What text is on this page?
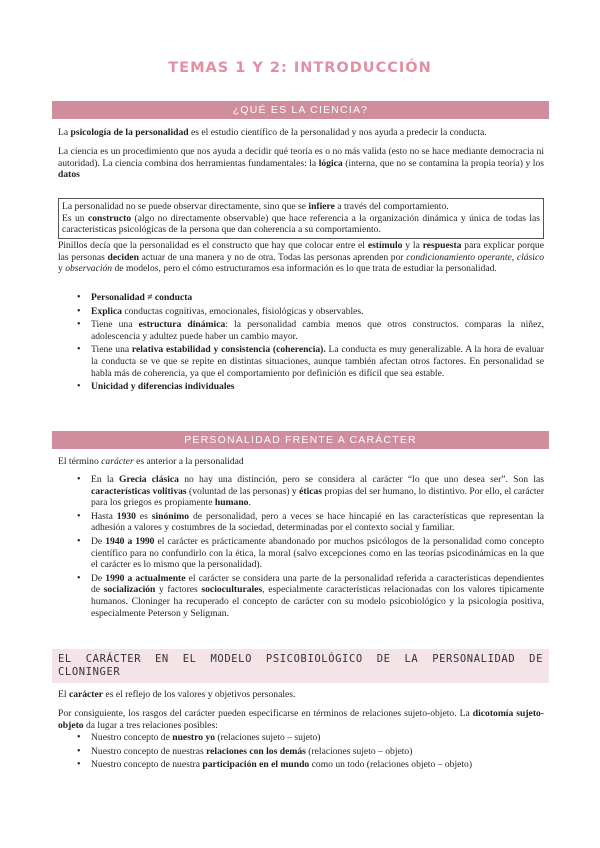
TEMAS 1 Y 2: INTRODUCCIÓN
¿QUÉ ES LA CIENCIA?

La psicología de la personalidad es el estudio científico de la personalidad y nos ayuda a predecir la conducta.

La ciencia es un procedimiento que nos ayuda a decidir qué teoría es o no más valida (esto no se hace mediante democracia ni autoridad). La ciencia combina dos herramientas fundamentales: la lógica (interna, que no se contamina la propia teoría) y los datos

La personalidad no se puede observar directamente, sino que se infiere a través del comportamiento.
Es un constructo (algo no directamente observable) que hace referencia a la organización dinámica y única de todas las características psicológicas de la persona que dan coherencia a su comportamiento.

Pinillos decía que la personalidad es el constructo que hay que colocar entre el estímulo y la respuesta para explicar porque las personas deciden actuar de una manera y no de otra. Todas las personas aprenden por condicionamiento operante, clásico y observación de modelos, pero el cómo estructuramos esa información es lo que trata de estudiar la personalidad.

• Personalidad ≠ conducta
• Explica conductas cognitivas, emocionales, fisiológicas y observables.
• Tiene una estructura dinámica: la personalidad cambia menos que otros constructos. comparas la niñez, adolescencia y adultez puede haber un cambio mayor.
• Tiene una relativa estabilidad y consistencia (coherencia). La conducta es muy generalizable. A la hora de evaluar la conducta se ve que se repite en distintas situaciones, aunque también afectan otros factores. En personalidad se habla más de coherencia, ya que el comportamiento por definición es difícil que sea estable.
• Unicidad y diferencias individuales
PERSONALIDAD FRENTE A CARÁCTER

El término carácter es anterior a la personalidad

• En la Grecia clásica no hay una distinción, pero se considera al carácter “lo que uno desea ser”. Son las características volitivas (voluntad de las personas) y éticas propias del ser humano, lo distintivo. Por ello, el carácter para los griegos es propiamente humano.
• Hasta 1930 es sinónimo de personalidad, pero a veces se hace hincapié en las características que representan la adhesión a valores y costumbres de la sociedad, determinadas por el contexto social y familiar.
• De 1940 a 1990 el carácter es prácticamente abandonado por muchos psicólogos de la personalidad como concepto científico para no confundirlo con la ética, la moral (salvo excepciones como en las teorías psicodinámicas en la que el carácter es lo mismo que la personalidad).
• De 1990 a actualmente el carácter se considera una parte de la personalidad referida a características dependientes de socialización y factores socioculturales, especialmente características relacionadas con los valores típicamente humanos. Cloninger ha recuperado el concepto de carácter con su modelo psicobiológico y la psicología positiva, especialmente Peterson y Seligman.
EL CARÁCTER EN EL MODELO PSICOBIOLÓGICO DE LA PERSONALIDAD DE CLONINGER

El carácter es el reflejo de los valores y objetivos personales.

Por consiguiente, los rasgos del carácter pueden especificarse en términos de relaciones sujeto-objeto. La dicotomía sujeto-objeto da lugar a tres relaciones posibles:

• Nuestro concepto de nuestro yo (relaciones sujeto – sujeto)
• Nuestro concepto de nuestras relaciones con los demás (relaciones sujeto – objeto)
• Nuestro concepto de nuestra participación en el mundo como un todo (relaciones objeto – objeto)
